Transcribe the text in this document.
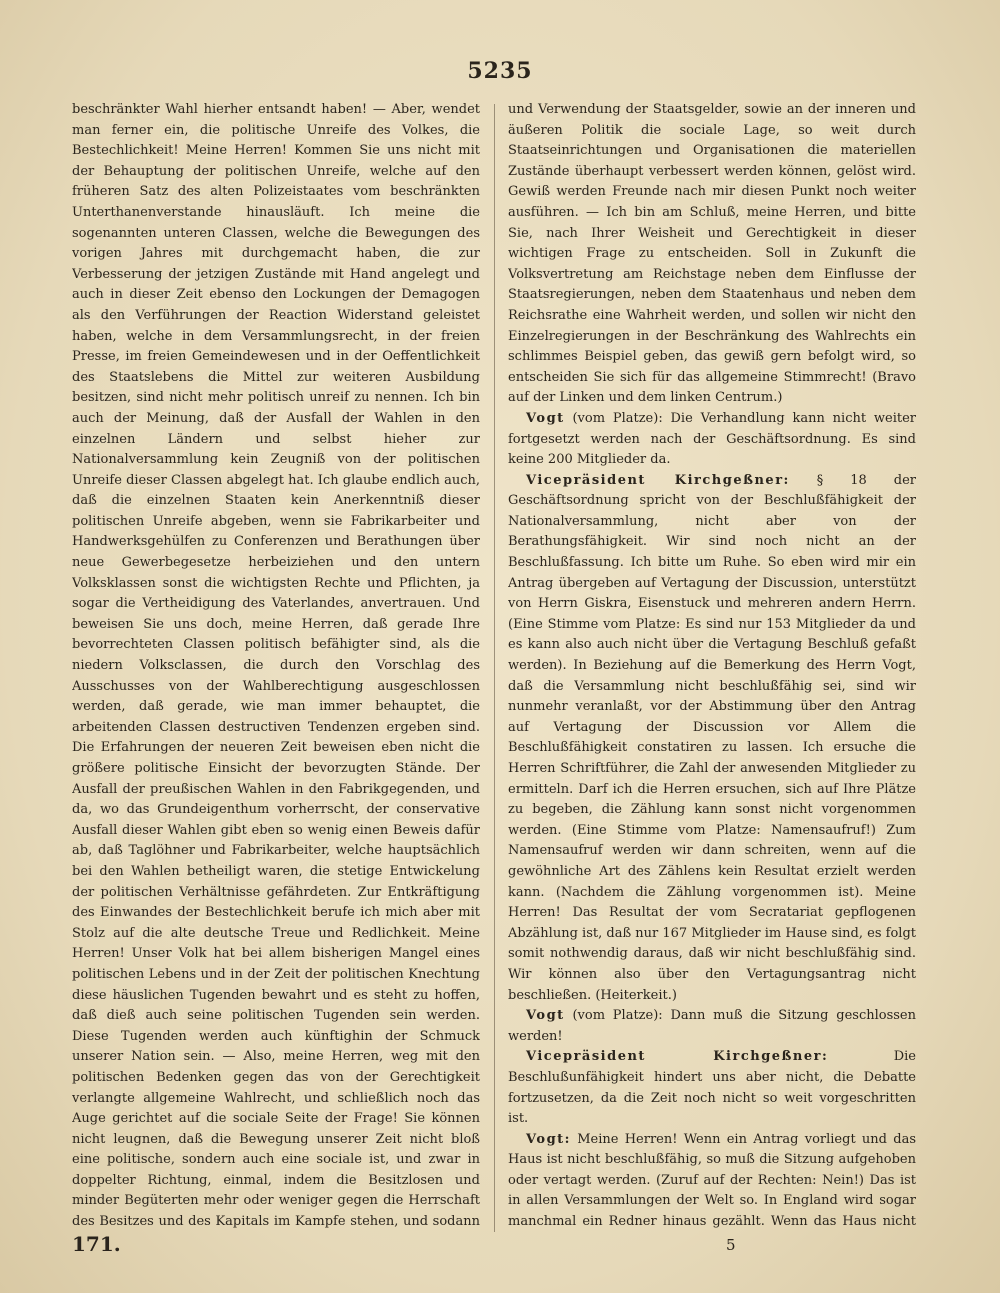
5235

beschränkter Wahl hierher entsandt haben! — Aber, wendet man ferner ein, die politische Unreife des Volkes, die Bestechlichkeit! Meine Herren! Kommen Sie uns nicht mit der Behauptung der politischen Unreife, welche auf den früheren Satz des alten Polizeistaates vom beschränkten Unterthanenverstande hinausläuft. Ich meine die sogenannten unteren Classen, welche die Bewegungen des vorigen Jahres mit durchgemacht haben, die zur Verbesserung der jetzigen Zustände mit Hand angelegt und auch in dieser Zeit ebenso den Lockungen der Demagogen als den Verführungen der Reaction Widerstand geleistet haben, welche in dem Versammlungsrecht, in der freien Presse, im freien Gemeindewesen und in der Oeffentlichkeit des Staatslebens die Mittel zur weiteren Ausbildung besitzen, sind nicht mehr politisch unreif zu nennen. Ich bin auch der Meinung, daß der Ausfall der Wahlen in den einzelnen Ländern und selbst hieher zur Nationalversammlung kein Zeugniß von der politischen Unreife dieser Classen abgelegt hat. Ich glaube endlich auch, daß die einzelnen Staaten kein Anerkenntniß dieser politischen Unreife abgeben, wenn sie Fabrikarbeiter und Handwerksgehülfen zu Conferenzen und Berathungen über neue Gewerbegesetze herbeiziehen und den untern Volksklassen sonst die wichtigsten Rechte und Pflichten, ja sogar die Vertheidigung des Vaterlandes, anvertrauen. Und beweisen Sie uns doch, meine Herren, daß gerade Ihre bevorrechteten Classen politisch befähigter sind, als die niedern Volksclassen, die durch den Vorschlag des Ausschusses von der Wahlberechtigung ausgeschlossen werden, daß gerade, wie man immer behauptet, die arbeitenden Classen destructiven Tendenzen ergeben sind. Die Erfahrungen der neueren Zeit beweisen eben nicht die größere politische Einsicht der bevorzugten Stände. Der Ausfall der preußischen Wahlen in den Fabrikgegenden, und da, wo das Grundeigenthum vorherrscht, der conservative Ausfall dieser Wahlen gibt eben so wenig einen Beweis dafür ab, daß Taglöhner und Fabrikarbeiter, welche hauptsächlich bei den Wahlen betheiligt waren, die stetige Entwickelung der politischen Verhältnisse gefährdeten. Zur Entkräftigung des Einwandes der Bestechlichkeit berufe ich mich aber mit Stolz auf die alte deutsche Treue und Redlichkeit. Meine Herren! Unser Volk hat bei allem bisherigen Mangel eines politischen Lebens und in der Zeit der politischen Knechtung diese häuslichen Tugenden bewahrt und es steht zu hoffen, daß dieß auch seine politischen Tugenden sein werden. Diese Tugenden werden auch künftighin der Schmuck unserer Nation sein. — Also, meine Herren, weg mit den politischen Bedenken gegen das von der Gerechtigkeit verlangte allgemeine Wahlrecht, und schließlich noch das Auge gerichtet auf die sociale Seite der Frage! Sie können nicht leugnen, daß die Bewegung unserer Zeit nicht bloß eine politische, sondern auch eine sociale ist, und zwar in doppelter Richtung, einmal, indem die Besitzlosen und minder Begüterten mehr oder weniger gegen die Herrschaft des Besitzes und des Kapitals im Kampfe stehen, und sodann

und Verwendung der Staatsgelder, sowie an der inneren und äußeren Politik die sociale Lage, so weit durch Staatseinrichtungen und Organisationen die materiellen Zustände überhaupt verbessert werden können, gelöst wird. Gewiß werden Freunde nach mir diesen Punkt noch weiter ausführen. — Ich bin am Schluß, meine Herren, und bitte Sie, nach Ihrer Weisheit und Gerechtigkeit in dieser wichtigen Frage zu entscheiden. Soll in Zukunft die Volksvertretung am Reichstage neben dem Einflusse der Staatsregierungen, neben dem Staatenhaus und neben dem Reichsrathe eine Wahrheit werden, und sollen wir nicht den Einzelregierungen in der Beschränkung des Wahlrechts ein schlimmes Beispiel geben, das gewiß gern befolgt wird, so entscheiden Sie sich für das allgemeine Stimmrecht! (Bravo auf der Linken und dem linken Centrum.)

Vogt (vom Platze): Die Verhandlung kann nicht weiter fortgesetzt werden nach der Geschäftsordnung. Es sind keine 200 Mitglieder da.

Vicepräsident Kirchgeßner: § 18 der Geschäftsordnung spricht von der Beschlußfähigkeit der Nationalversammlung, nicht aber von der Berathungsfähigkeit. Wir sind noch nicht an der Beschlußfassung. Ich bitte um Ruhe. So eben wird mir ein Antrag übergeben auf Vertagung der Discussion, unterstützt von Herrn Giskra, Eisenstuck und mehreren andern Herrn. (Eine Stimme vom Platze: Es sind nur 153 Mitglieder da und es kann also auch nicht über die Vertagung Beschluß gefaßt werden). In Beziehung auf die Bemerkung des Herrn Vogt, daß die Versammlung nicht beschlußfähig sei, sind wir nunmehr veranlaßt, vor der Abstimmung über den Antrag auf Vertagung der Discussion vor Allem die Beschlußfähigkeit constatiren zu lassen. Ich ersuche die Herren Schriftführer, die Zahl der anwesenden Mitglieder zu ermitteln. Darf ich die Herren ersuchen, sich auf Ihre Plätze zu begeben, die Zählung kann sonst nicht vorgenommen werden. (Eine Stimme vom Platze: Namensaufruf!) Zum Namensaufruf werden wir dann schreiten, wenn auf die gewöhnliche Art des Zählens kein Resultat erzielt werden kann. (Nachdem die Zählung vorgenommen ist). Meine Herren! Das Resultat der vom Secratariat gepflogenen Abzählung ist, daß nur 167 Mitglieder im Hause sind, es folgt somit nothwendig daraus, daß wir nicht beschlußfähig sind. Wir können also über den Vertagungsantrag nicht beschließen. (Heiterkeit.)

Vogt (vom Platze): Dann muß die Sitzung geschlossen werden!

Vicepräsident Kirchgeßner: Die Beschlußunfähigkeit hindert uns aber nicht, die Debatte fortzusetzen, da die Zeit noch nicht so weit vorgeschritten ist.

Vogt: Meine Herren! Wenn ein Antrag vorliegt und das Haus ist nicht beschlußfähig, so muß die Sitzung aufgehoben oder vertagt werden. (Zuruf auf der Rechten: Nein!) Das ist in allen Versammlungen der Welt so. In England wird sogar manchmal ein Redner hinaus gezählt. Wenn das Haus nicht

171.	5
